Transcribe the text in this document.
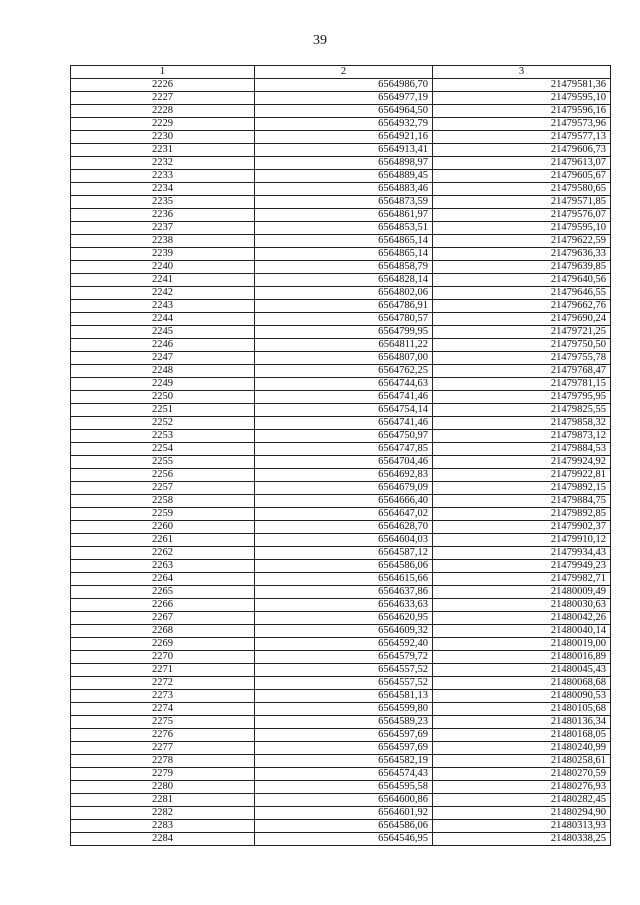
39
1	2	3
2226	6564986,70	21479581,36
2227	6564977,19	21479595,10
2228	6564964,50	21479596,16
2229	6564932,79	21479573,96
2230	6564921,16	21479577,13
2231	6564913,41	21479606,73
2232	6564898,97	21479613,07
2233	6564889,45	21479605,67
2234	6564883,46	21479580,65
2235	6564873,59	21479571,85
2236	6564861,97	21479576,07
2237	6564853,51	21479595,10
2238	6564865,14	21479622,59
2239	6564865,14	21479636,33
2240	6564858,79	21479639,85
2241	6564828,14	21479640,56
2242	6564802,06	21479646,55
2243	6564786,91	21479662,76
2244	6564780,57	21479690,24
2245	6564799,95	21479721,25
2246	6564811,22	21479750,50
2247	6564807,00	21479755,78
2248	6564762,25	21479768,47
2249	6564744,63	21479781,15
2250	6564741,46	21479795,95
2251	6564754,14	21479825,55
2252	6564741,46	21479858,32
2253	6564750,97	21479873,12
2254	6564747,85	21479884,53
2255	6564704,46	21479924,92
2256	6564692,83	21479922,81
2257	6564679,09	21479892,15
2258	6564666,40	21479884,75
2259	6564647,02	21479892,85
2260	6564628,70	21479902,37
2261	6564604,03	21479910,12
2262	6564587,12	21479934,43
2263	6564586,06	21479949,23
2264	6564615,66	21479982,71
2265	6564637,86	21480009,49
2266	6564633,63	21480030,63
2267	6564620,95	21480042,26
2268	6564609,32	21480040,14
2269	6564592,40	21480019,00
2270	6564579,72	21480016,89
2271	6564557,52	21480045,43
2272	6564557,52	21480068,68
2273	6564581,13	21480090,53
2274	6564599,80	21480105,68
2275	6564589,23	21480136,34
2276	6564597,69	21480168,05
2277	6564597,69	21480240,99
2278	6564582,19	21480258,61
2279	6564574,43	21480270,59
2280	6564595,58	21480276,93
2281	6564600,86	21480282,45
2282	6564601,92	21480294,90
2283	6564586,06	21480313,93
2284	6564546,95	21480338,25
